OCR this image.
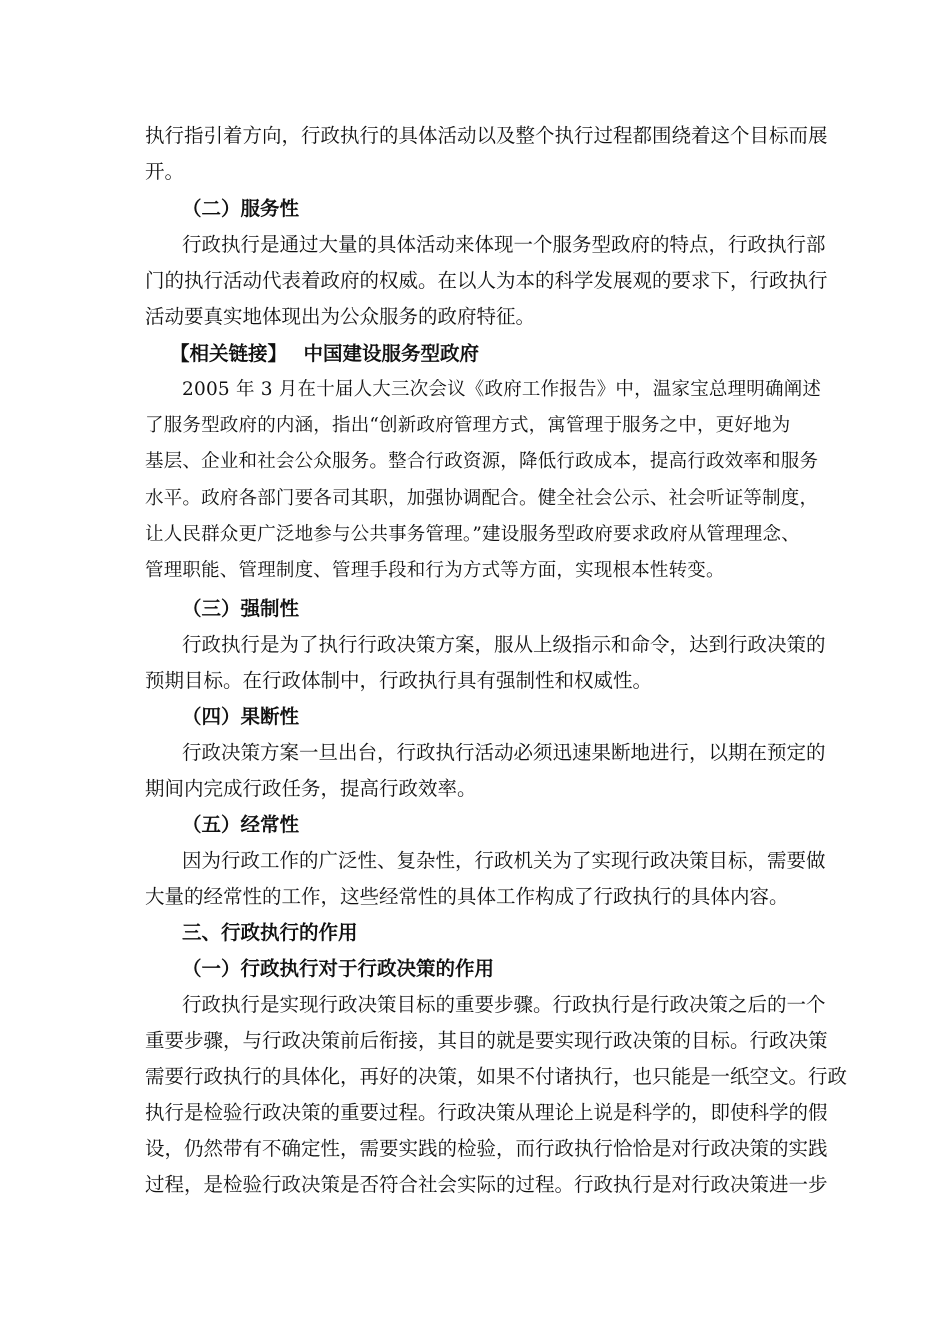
执行指引着方向，行政执行的具体活动以及整个执行过程都围绕着这个目标而展
开。
（二）服务性
行政执行是通过大量的具体活动来体现一个服务型政府的特点，行政执行部
门的执行活动代表着政府的权威。在以人为本的科学发展观的要求下，行政执行
活动要真实地体现出为公众服务的政府特征。
【相关链接】　 中国建设服务型政府
2005 年 3 月在十届人大三次会议《政府工作报告》中，温家宝总理明确阐述
了服务型政府的内涵，指出“创新政府管理方式，寓管理于服务之中，更好地为
基层、企业和社会公众服务。整合行政资源，降低行政成本，提高行政效率和服务
水平。政府各部门要各司其职，加强协调配合。健全社会公示、社会听证等制度，
让人民群众更广泛地参与公共事务管理。”建设服务型政府要求政府从管理理念、
管理职能、管理制度、管理手段和行为方式等方面，实现根本性转变。
（三）强制性
行政执行是为了执行行政决策方案，服从上级指示和命令，达到行政决策的
预期目标。在行政体制中，行政执行具有强制性和权威性。
（四）果断性
行政决策方案一旦出台，行政执行活动必须迅速果断地进行，以期在预定的
期间内完成行政任务，提高行政效率。
（五）经常性
因为行政工作的广泛性、复杂性，行政机关为了实现行政决策目标，需要做
大量的经常性的工作，这些经常性的具体工作构成了行政执行的具体内容。
三、行政执行的作用
（一）行政执行对于行政决策的作用
行政执行是实现行政决策目标的重要步骤。行政执行是行政决策之后的一个
重要步骤，与行政决策前后衔接，其目的就是要实现行政决策的目标。行政决策
需要行政执行的具体化，再好的决策，如果不付诸执行，也只能是一纸空文。行政
执行是检验行政决策的重要过程。行政决策从理论上说是科学的，即使科学的假
设，仍然带有不确定性，需要实践的检验，而行政执行恰恰是对行政决策的实践
过程，是检验行政决策是否符合社会实际的过程。行政执行是对行政决策进一步
